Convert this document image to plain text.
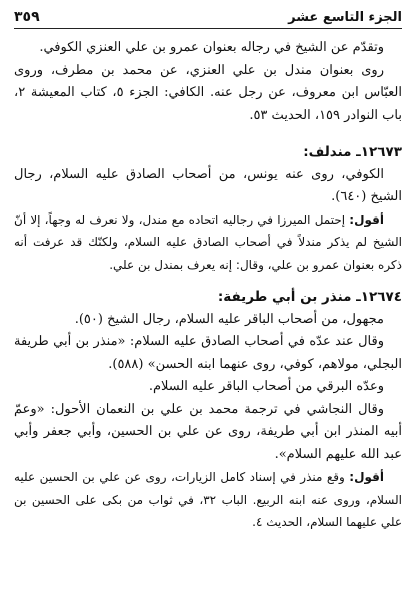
الجزء التاسع عشر
٣٥٩

وتقدّم عن الشيخ في رجاله بعنوان عمرو بن علي العنزي الكوفي.

روى بعنوان مندل بن علي العنزي، عن محمد بن مطرف، وروى العبّاس ابن معروف، عن رجل عنه. الكافي: الجزء ٥، كتاب المعيشة ٢، باب النوادر ١٥٩، الحديث ٥٣.

١٢٦٧٣ـ مندلف:

الكوفي، روى عنه يونس، من أصحاب الصادق عليه السلام، رجال الشيخ (٦٤٠).

أقول: إحتمل الميرزا في رجاليه اتحاده مع مندل، ولا نعرف له وجهاً، إلا أنّ الشيخ لم يذكر مندلاً في أصحاب الصادق عليه السلام، ولكنّك قد عرفت أنه ذكره بعنوان عمرو بن علي، وقال: إنه يعرف بمندل بن علي.

١٢٦٧٤ـ منذر بن أبي طريفة:

مجهول، من أصحاب الباقر عليه السلام، رجال الشيخ (٥٠).

وقال عند عدّه في أصحاب الصادق عليه السلام: «منذر بن أبي طريفة البجلي، مولاهم، كوفي، روى عنهما ابنه الحسن» (٥٨٨).

وعدّه البرقي من أصحاب الباقر عليه السلام.

وقال النجاشي في ترجمة محمد بن علي بن النعمان الأحول: «وعمّ أبيه المنذر ابن أبي طريفة، روى عن علي بن الحسين، وأبي جعفر وأبي عبد الله عليهم السلام».

أقول: وقع منذر في إسناد كامل الزيارات، روى عن علي بن الحسين عليه السلام، وروى عنه ابنه الربيع. الباب ٣٢، في ثواب من بكى على الحسين بن علي عليهما السلام، الحديث ٤.
